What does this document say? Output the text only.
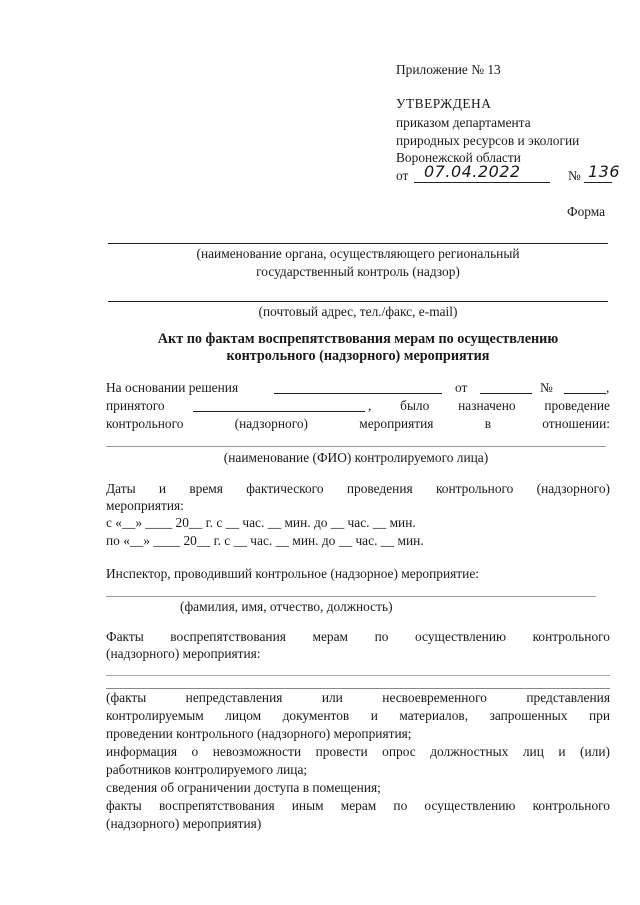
Приложение № 13
УТВЕРЖДЕНА
приказом департамента
природных ресурсов и экологии
Воронежской области
от 07.04.2022	№ 136
Форма
(наименование органа, осуществляющего региональный
государственный контроль (надзор)
(почтовый адрес, тел./факс, e-mail)
Акт по фактам воспрепятствования мерам по осуществлению
контрольного (надзорного) мероприятия
На основании решения	от	№	,
принятого	, было назначено проведение
контрольного (надзорного) мероприятия в отношении:
(наименование (ФИО) контролируемого лица)
Даты и время фактического проведения контрольного (надзорного)
мероприятия:
с «__» ____ 20__ г. с __ час. __ мин. до __ час. __ мин.
по «__» ____ 20__ г. с __ час. __ мин. до __ час. __ мин.
Инспектор, проводивший контрольное (надзорное) мероприятие:
(фамилия, имя, отчество, должность)
Факты воспрепятствования мерам по осуществлению контрольного
(надзорного) мероприятия:
(факты непредставления или несвоевременного представления
контролируемым лицом документов и материалов, запрошенных при
проведении контрольного (надзорного) мероприятия;
информация о невозможности провести опрос должностных лиц и (или)
работников контролируемого лица;
сведения об ограничении доступа в помещения;
факты воспрепятствования иным мерам по осуществлению контрольного
(надзорного) мероприятия)
